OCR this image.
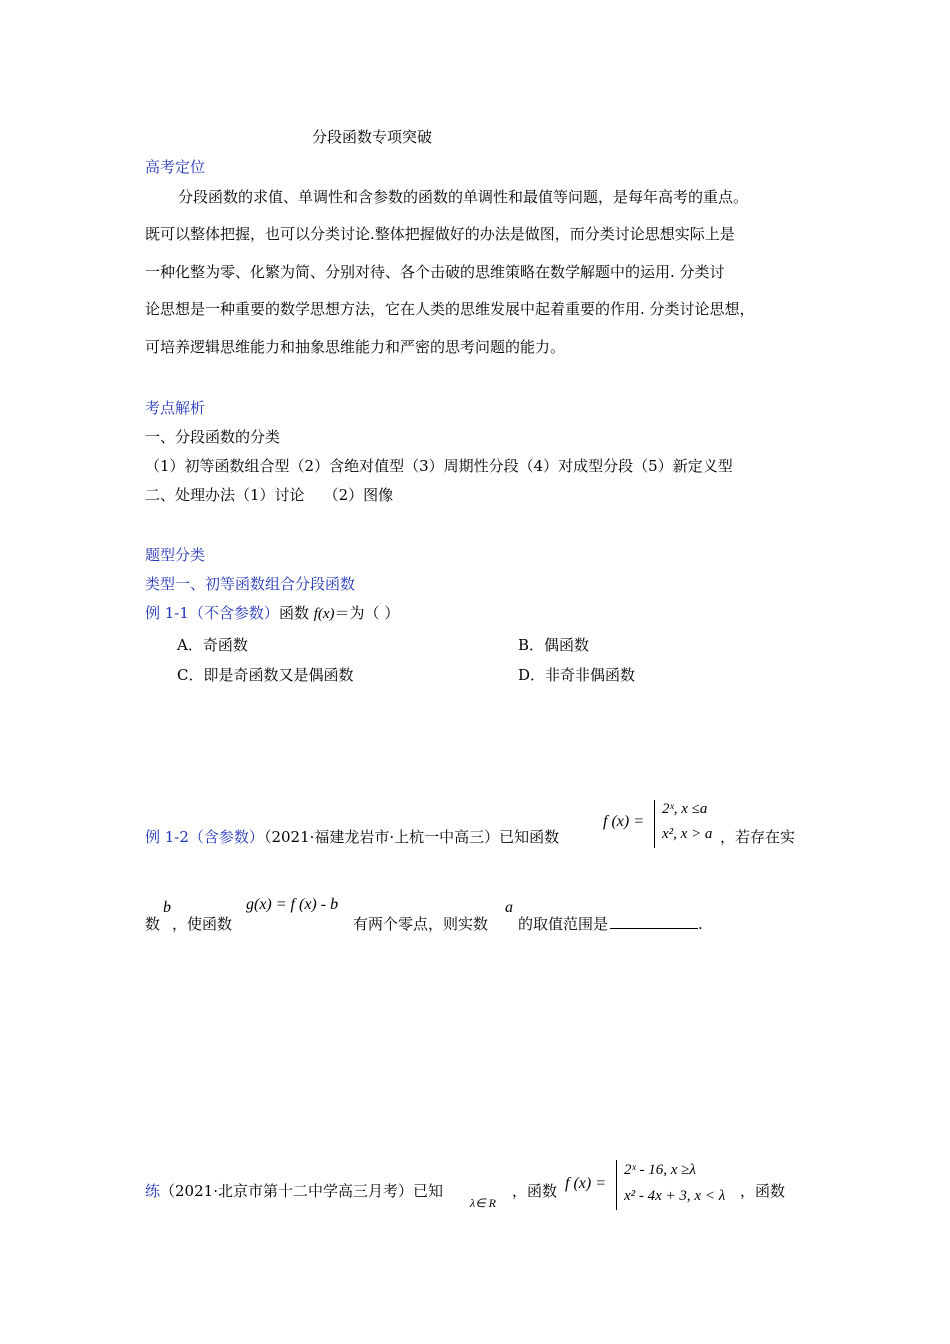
分段函数专项突破
高考定位
分段函数的求值、单调性和含参数的函数的单调性和最值等问题，是每年高考的重点。
既可以整体把握，也可以分类讨论.整体把握做好的办法是做图，而分类讨论思想实际上是
一种化整为零、化繁为简、分别对待、各个击破的思维策略在数学解题中的运用. 分类讨
论思想是一种重要的数学思想方法，它在人类的思维发展中起着重要的作用. 分类讨论思想，
可培养逻辑思维能力和抽象思维能力和严密的思考问题的能力。
考点解析
一、分段函数的分类
（1）初等函数组合型（2）含绝对值型（3）周期性分段（4）对成型分段（5）新定义型
二、处理办法（1）讨论    （2）图像
题型分类
类型一、初等函数组合分段函数
例 1-1（不含参数）函数 f(x)＝为（ ）
A．奇函数	B．偶函数
C．即是奇函数又是偶函数	D．非奇非偶函数
例 1-2（含参数）（2021·福建龙岩市·上杭一中高三）已知函数
f (x) =
2ˣ, x ≤a
x², x > a ，若存在实
数
b
，使函数
g(x) = f (x) - b
有两个零点，则实数
a
的取值范围是	.
练（2021·北京市第十二中学高三月考）已知
λ∈ R
，函数 f (x) =
2ˣ - 16, x ≥λ
x² - 4x + 3, x < λ ，函数
